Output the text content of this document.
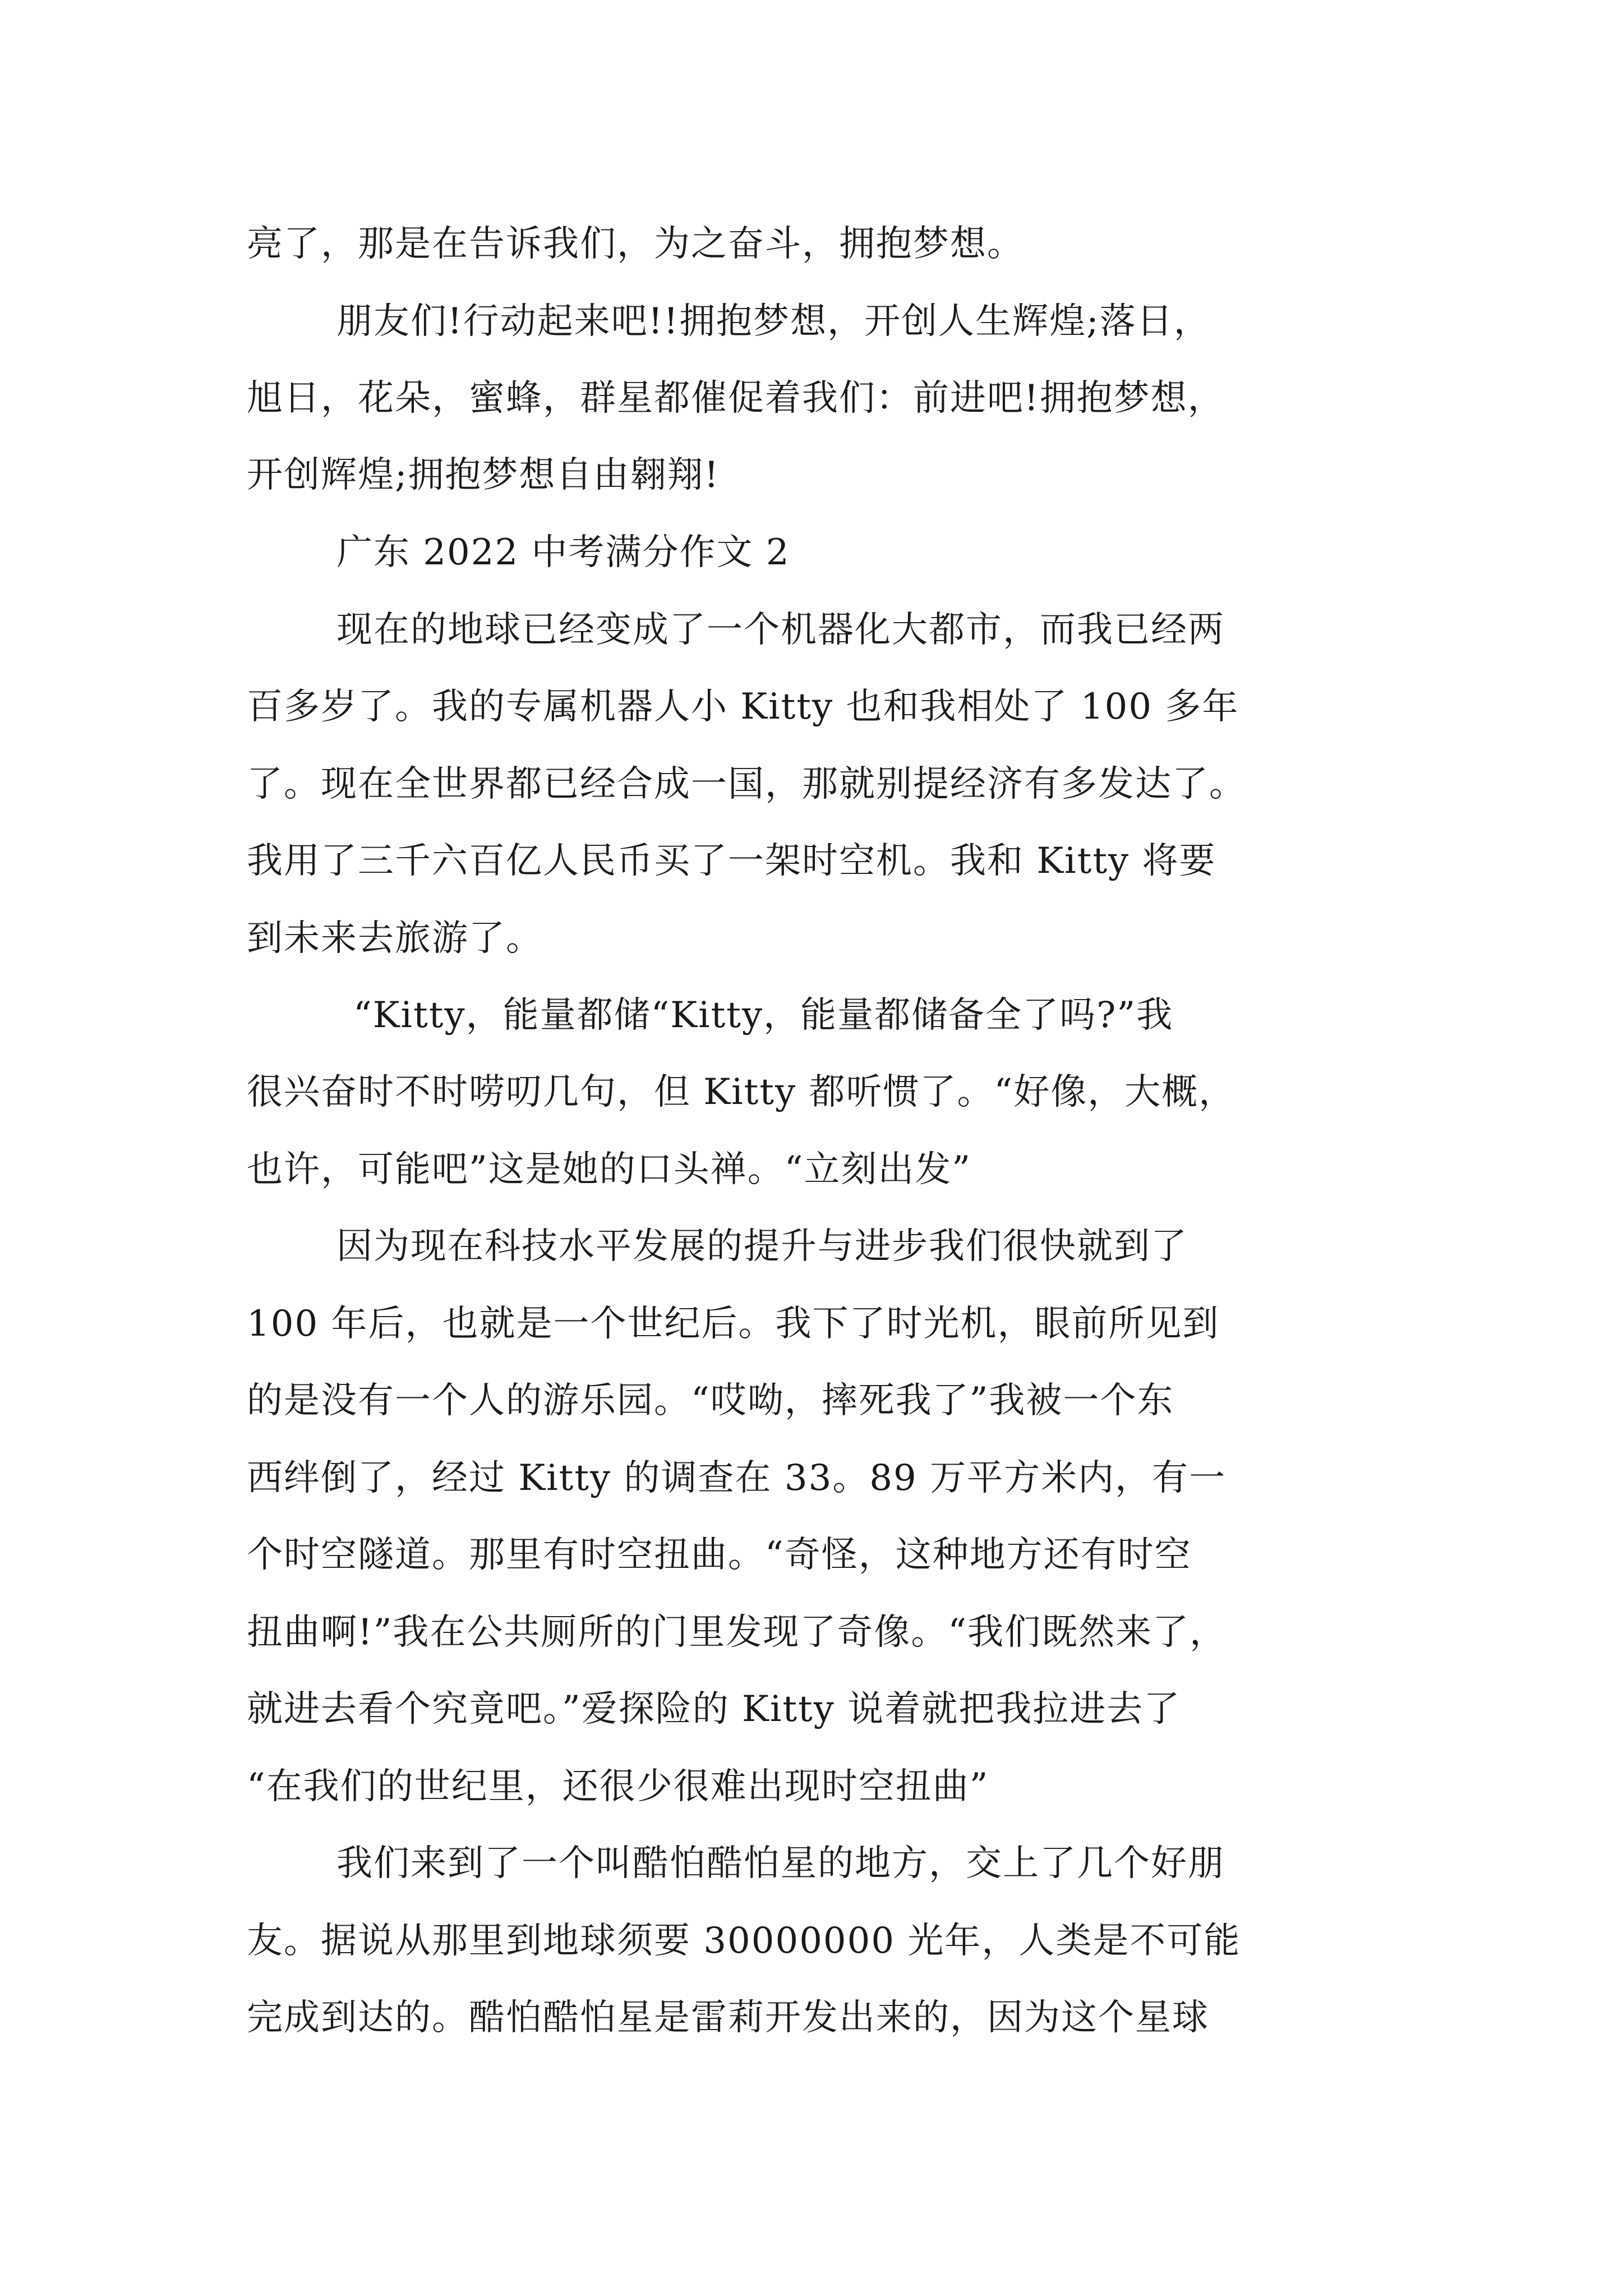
亮了，那是在告诉我们，为之奋斗，拥抱梦想。
朋友们!行动起来吧!!拥抱梦想，开创人生辉煌;落日，
旭日，花朵，蜜蜂，群星都催促着我们：前进吧!拥抱梦想，
开创辉煌;拥抱梦想自由翱翔!
广东 2022 中考满分作文 2
现在的地球已经变成了一个机器化大都市，而我已经两
百多岁了。我的专属机器人小 Kitty 也和我相处了 100 多年
了。现在全世界都已经合成一国，那就别提经济有多发达了。
我用了三千六百亿人民币买了一架时空机。我和 Kitty 将要
到未来去旅游了。
“Kitty，能量都储“Kitty，能量都储备全了吗?”我
很兴奋时不时唠叨几句，但 Kitty 都听惯了。“好像，大概，
也许，可能吧”这是她的口头禅。“立刻出发”
因为现在科技水平发展的提升与进步我们很快就到了
100 年后，也就是一个世纪后。我下了时光机，眼前所见到
的是没有一个人的游乐园。“哎呦，摔死我了”我被一个东
西绊倒了，经过 Kitty 的调查在 33。89 万平方米内，有一
个时空隧道。那里有时空扭曲。“奇怪，这种地方还有时空
扭曲啊!”我在公共厕所的门里发现了奇像。“我们既然来了，
就进去看个究竟吧。”爱探险的 Kitty 说着就把我拉进去了
“在我们的世纪里，还很少很难出现时空扭曲”
我们来到了一个叫酷怕酷怕星的地方，交上了几个好朋
友。据说从那里到地球须要 30000000 光年，人类是不可能
完成到达的。酷怕酷怕星是雷莉开发出来的，因为这个星球
